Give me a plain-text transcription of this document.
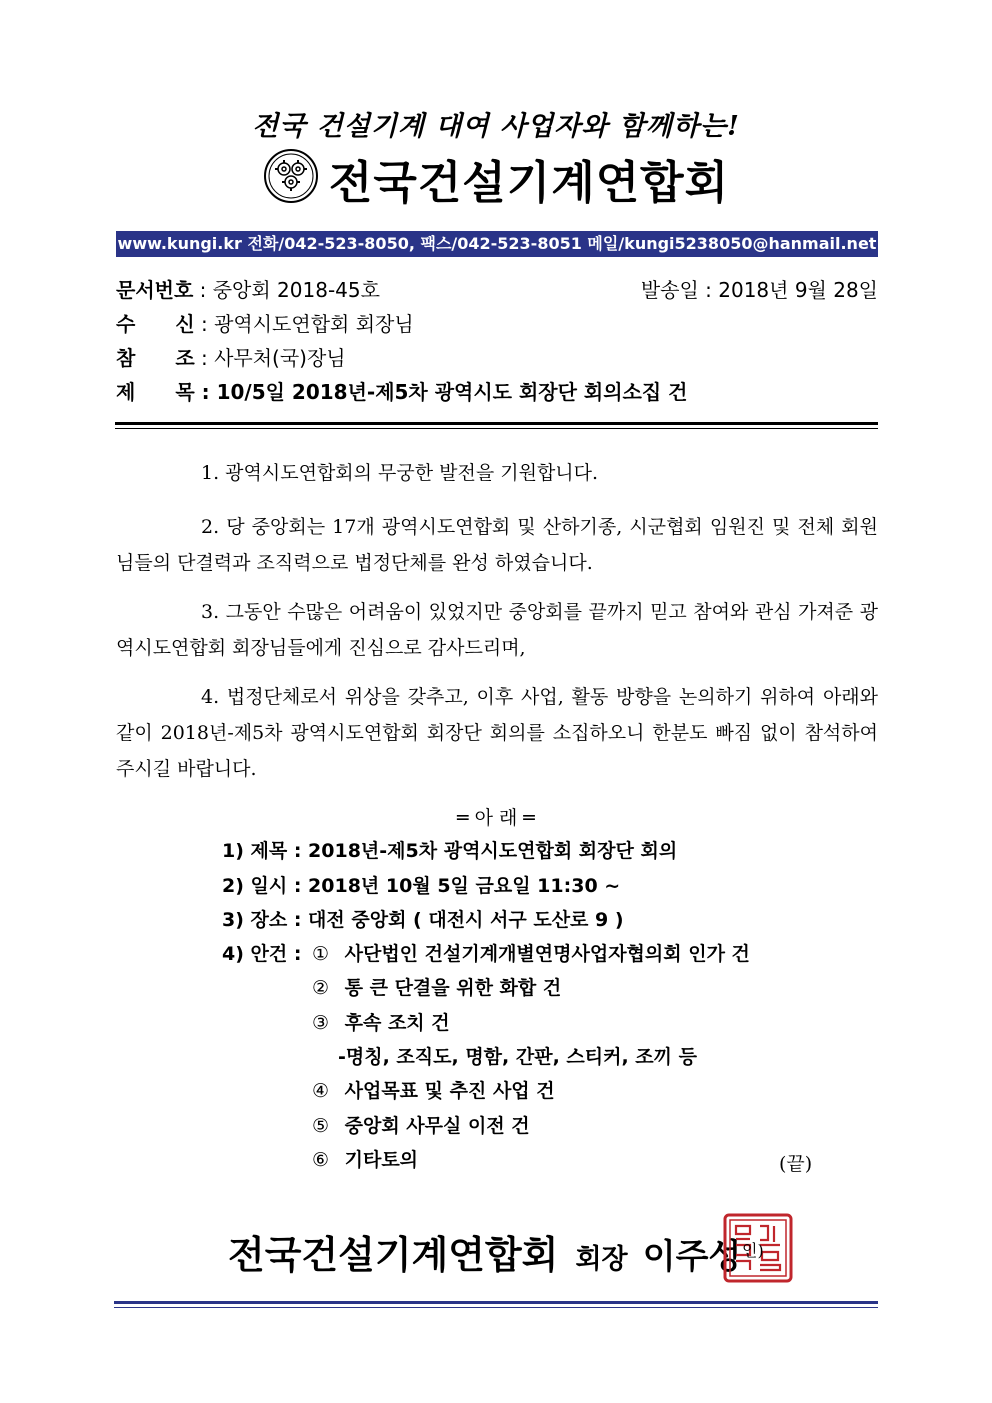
전국 건설기계 대여 사업자와 함께하는!
전국건설기계연합회
www.kungi.kr 전화/042-523-8050, 팩스/042-523-8051 메일/kungi5238050@hanmail.net
문서번호 : 중앙회 2018-45호	발송일 : 2018년 9월 28일
수　　신 : 광역시도연합회 회장님
참　　조 : 사무처(국)장님
제　　목 : 10/5일 2018년-제5차 광역시도 회장단 회의소집 건

1. 광역시도연합회의 무궁한 발전을 기원합니다.

2. 당 중앙회는 17개 광역시도연합회 및 산하기종, 시군협회 임원진 및 전체 회원님들의 단결력과 조직력으로 법정단체를 완성 하였습니다.

3. 그동안 수많은 어려움이 있었지만 중앙회를 끝까지 믿고 참여와 관심 가져준 광역시도연합회 회장님들에게 진심으로 감사드리며,

4. 법정단체로서 위상을 갖추고, 이후 사업, 활동 방향을 논의하기 위하여 아래와 같이 2018년-제5차 광역시도연합회 회장단 회의를 소집하오니 한분도 빠짐 없이 참석하여 주시길 바랍니다.

═ 아 래 ═
1) 제목 : 2018년-제5차 광역시도연합회 회장단 회의
2) 일시 : 2018년 10월 5일 금요일 11:30 ~
3) 장소 : 대전 중앙회 ( 대전시 서구 도산로 9 )
4) 안건 : ① 사단법인 건설기계개별연명사업자협의회 인가 건
② 통 큰 단결을 위한 화합 건
③ 후속 조치 건
-명칭, 조직도, 명함, 간판, 스티커, 조끼 등
④ 사업목표 및 추진 사업 건
⑤ 중앙회 사무실 이전 건
⑥ 기타토의	(끝)
전국건설기계연합회 회장 이주성 인)
